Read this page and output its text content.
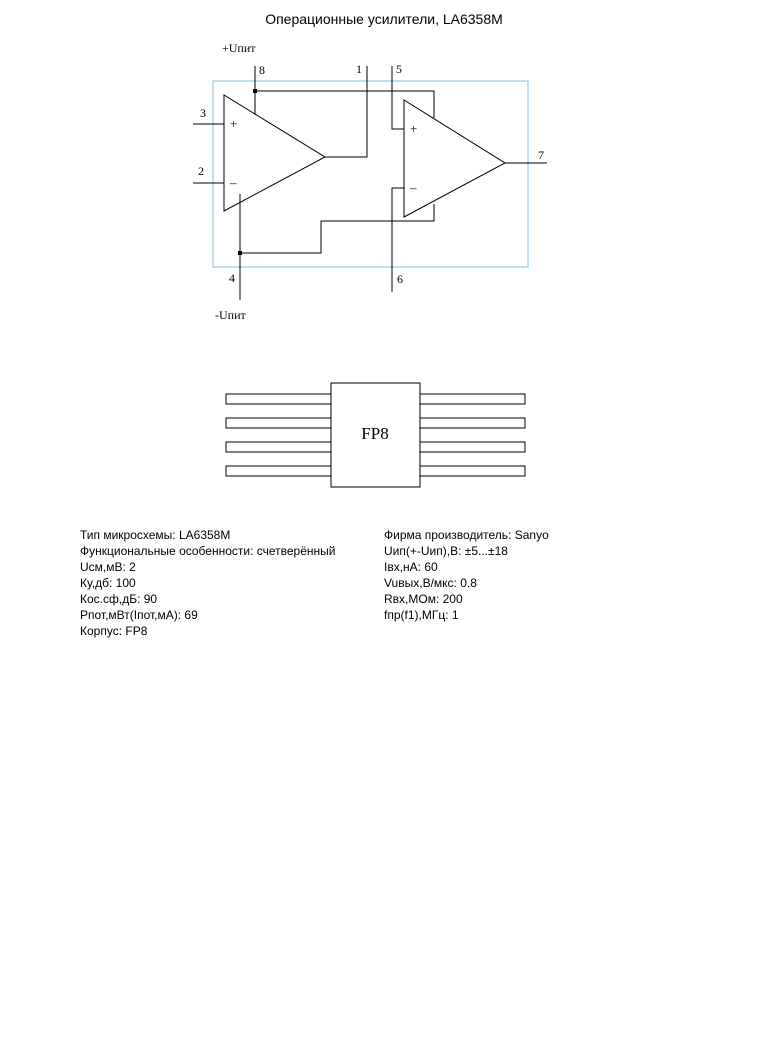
Операционные усилители, LA6358M
+
–
+
–
8	1	5
3
2
7
4	6
+Uпит
-Uпит
FP8
Тип микросхемы: LA6358M
Функциональные особенности: счетверённый
Uсм,мВ: 2
Ку,дб: 100
Кос.сф,дБ: 90
Pпот,мВт(Iпот,мА): 69
Корпус: FP8
Фирма производитель: Sanyo
Uип(+-Uип),В: ±5...±18
Iвх,нА: 60
Vuвых,В/мкс: 0.8
Rвх,МОм: 200
fпр(f1),МГц: 1
